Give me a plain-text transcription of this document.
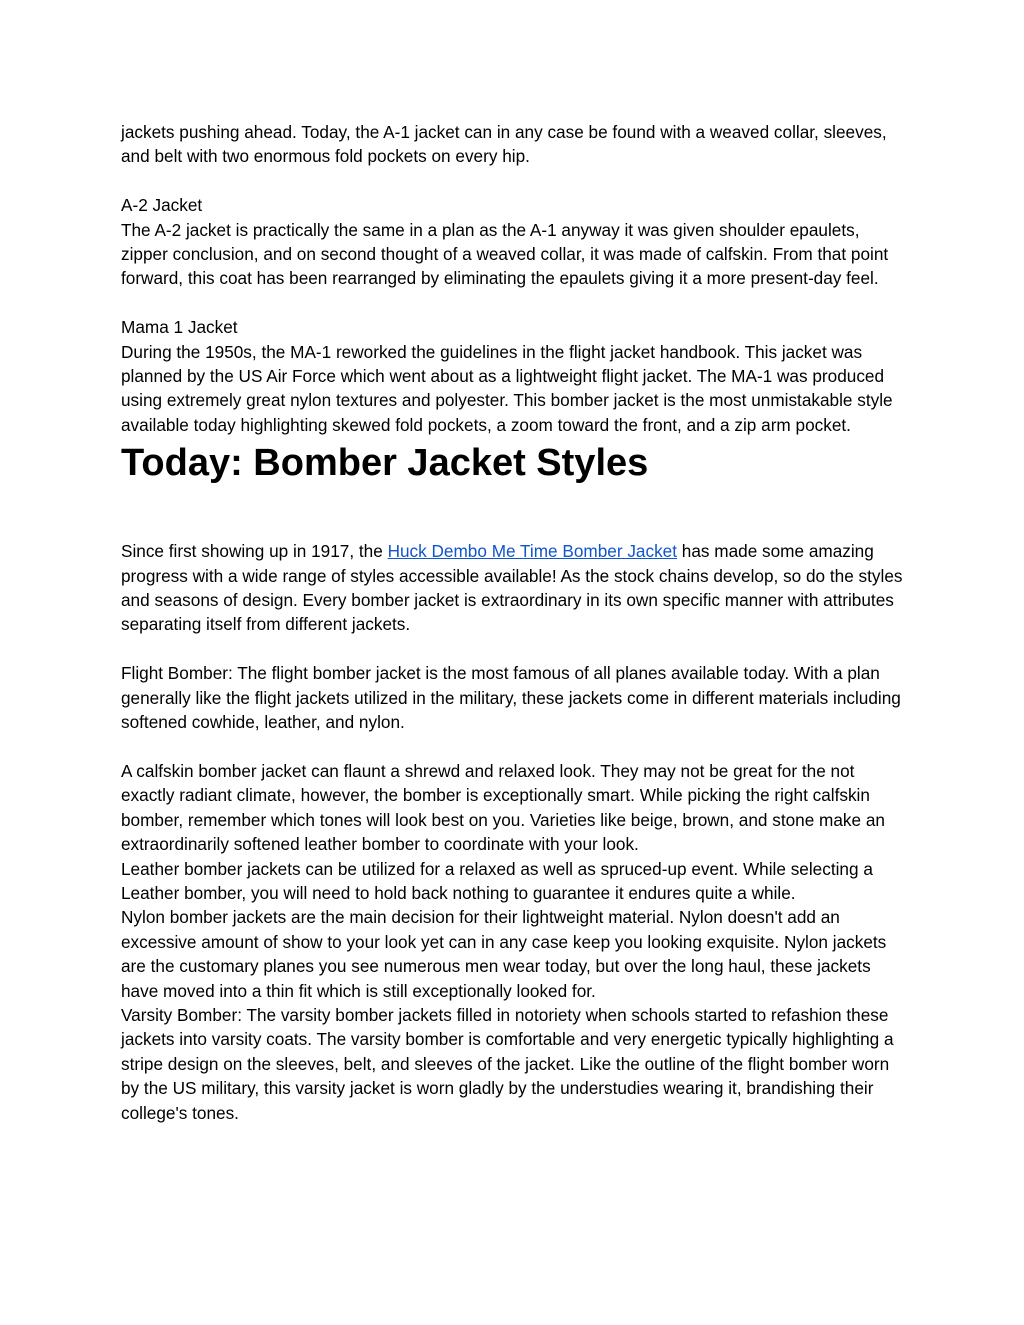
jackets pushing ahead. Today, the A-1 jacket can in any case be found with a weaved collar, sleeves, and belt with two enormous fold pockets on every hip.

A-2 Jacket

The A-2 jacket is practically the same in a plan as the A-1 anyway it was given shoulder epaulets, zipper conclusion, and on second thought of a weaved collar, it was made of calfskin. From that point forward, this coat has been rearranged by eliminating the epaulets giving it a more present-day feel.

Mama 1 Jacket

During the 1950s, the MA-1 reworked the guidelines in the flight jacket handbook. This jacket was planned by the US Air Force which went about as a lightweight flight jacket. The MA-1 was produced using extremely great nylon textures and polyester. This bomber jacket is the most unmistakable style available today highlighting skewed fold pockets, a zoom toward the front, and a zip arm pocket.

Today: Bomber Jacket Styles

Since first showing up in 1917, the Huck Dembo Me Time Bomber Jacket has made some amazing progress with a wide range of styles accessible available! As the stock chains develop, so do the styles and seasons of design. Every bomber jacket is extraordinary in its own specific manner with attributes separating itself from different jackets.

Flight Bomber: The flight bomber jacket is the most famous of all planes available today. With a plan generally like the flight jackets utilized in the military, these jackets come in different materials including softened cowhide, leather, and nylon.

A calfskin bomber jacket can flaunt a shrewd and relaxed look. They may not be great for the not exactly radiant climate, however, the bomber is exceptionally smart. While picking the right calfskin bomber, remember which tones will look best on you. Varieties like beige, brown, and stone make an extraordinarily softened leather bomber to coordinate with your look.

Leather bomber jackets can be utilized for a relaxed as well as spruced-up event. While selecting a Leather bomber, you will need to hold back nothing to guarantee it endures quite a while.

Nylon bomber jackets are the main decision for their lightweight material. Nylon doesn't add an excessive amount of show to your look yet can in any case keep you looking exquisite. Nylon jackets are the customary planes you see numerous men wear today, but over the long haul, these jackets have moved into a thin fit which is still exceptionally looked for.

Varsity Bomber: The varsity bomber jackets filled in notoriety when schools started to refashion these jackets into varsity coats. The varsity bomber is comfortable and very energetic typically highlighting a stripe design on the sleeves, belt, and sleeves of the jacket. Like the outline of the flight bomber worn by the US military, this varsity jacket is worn gladly by the understudies wearing it, brandishing their college's tones.
